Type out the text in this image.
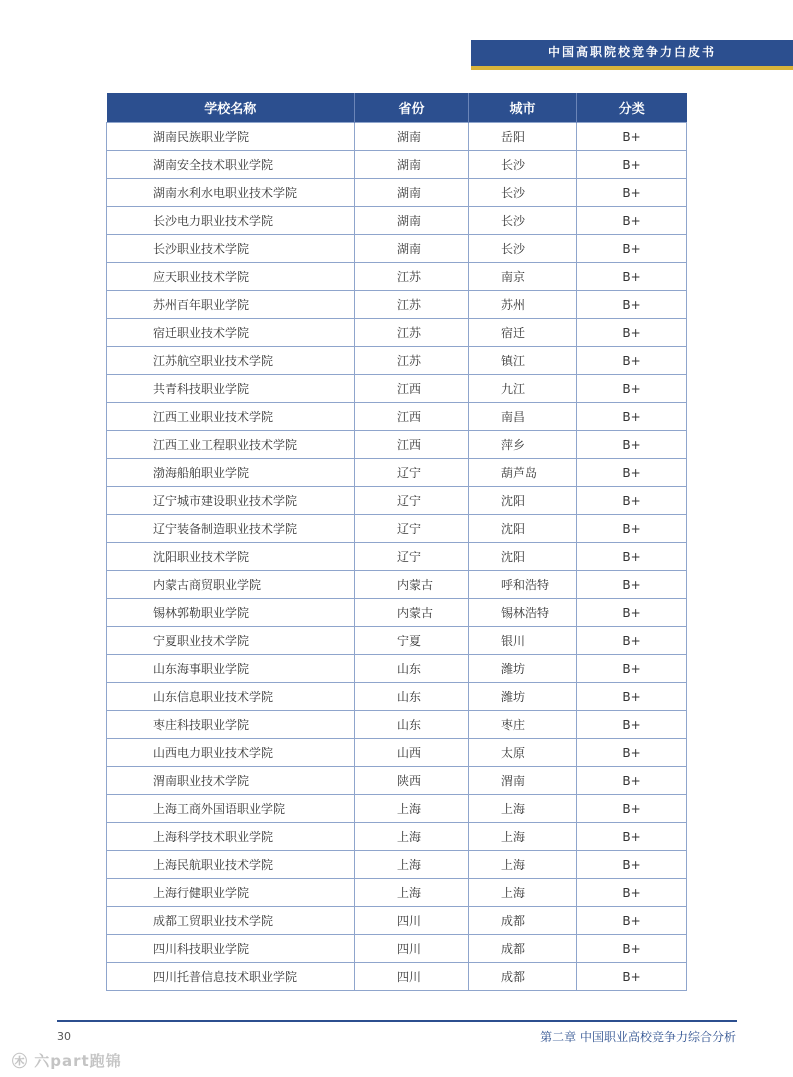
中国高职院校竞争力白皮书
学校名称	省份	城市	分类
湖南民族职业学院	湖南	岳阳	B+
湖南安全技术职业学院	湖南	长沙	B+
湖南水利水电职业技术学院	湖南	长沙	B+
长沙电力职业技术学院	湖南	长沙	B+
长沙职业技术学院	湖南	长沙	B+
应天职业技术学院	江苏	南京	B+
苏州百年职业学院	江苏	苏州	B+
宿迁职业技术学院	江苏	宿迁	B+
江苏航空职业技术学院	江苏	镇江	B+
共青科技职业学院	江西	九江	B+
江西工业职业技术学院	江西	南昌	B+
江西工业工程职业技术学院	江西	萍乡	B+
渤海船舶职业学院	辽宁	葫芦岛	B+
辽宁城市建设职业技术学院	辽宁	沈阳	B+
辽宁装备制造职业技术学院	辽宁	沈阳	B+
沈阳职业技术学院	辽宁	沈阳	B+
内蒙古商贸职业学院	内蒙古	呼和浩特	B+
锡林郭勒职业学院	内蒙古	锡林浩特	B+
宁夏职业技术学院	宁夏	银川	B+
山东海事职业学院	山东	潍坊	B+
山东信息职业技术学院	山东	潍坊	B+
枣庄科技职业学院	山东	枣庄	B+
山西电力职业技术学院	山西	太原	B+
渭南职业技术学院	陕西	渭南	B+
上海工商外国语职业学院	上海	上海	B+
上海科学技术职业学院	上海	上海	B+
上海民航职业技术学院	上海	上海	B+
上海行健职业学院	上海	上海	B+
成都工贸职业技术学院	四川	成都	B+
四川科技职业学院	四川	成都	B+
四川托普信息技术职业学院	四川	成都	B+
30	第二章 中国职业高校竞争力综合分析
㊍ 六part跑锦
